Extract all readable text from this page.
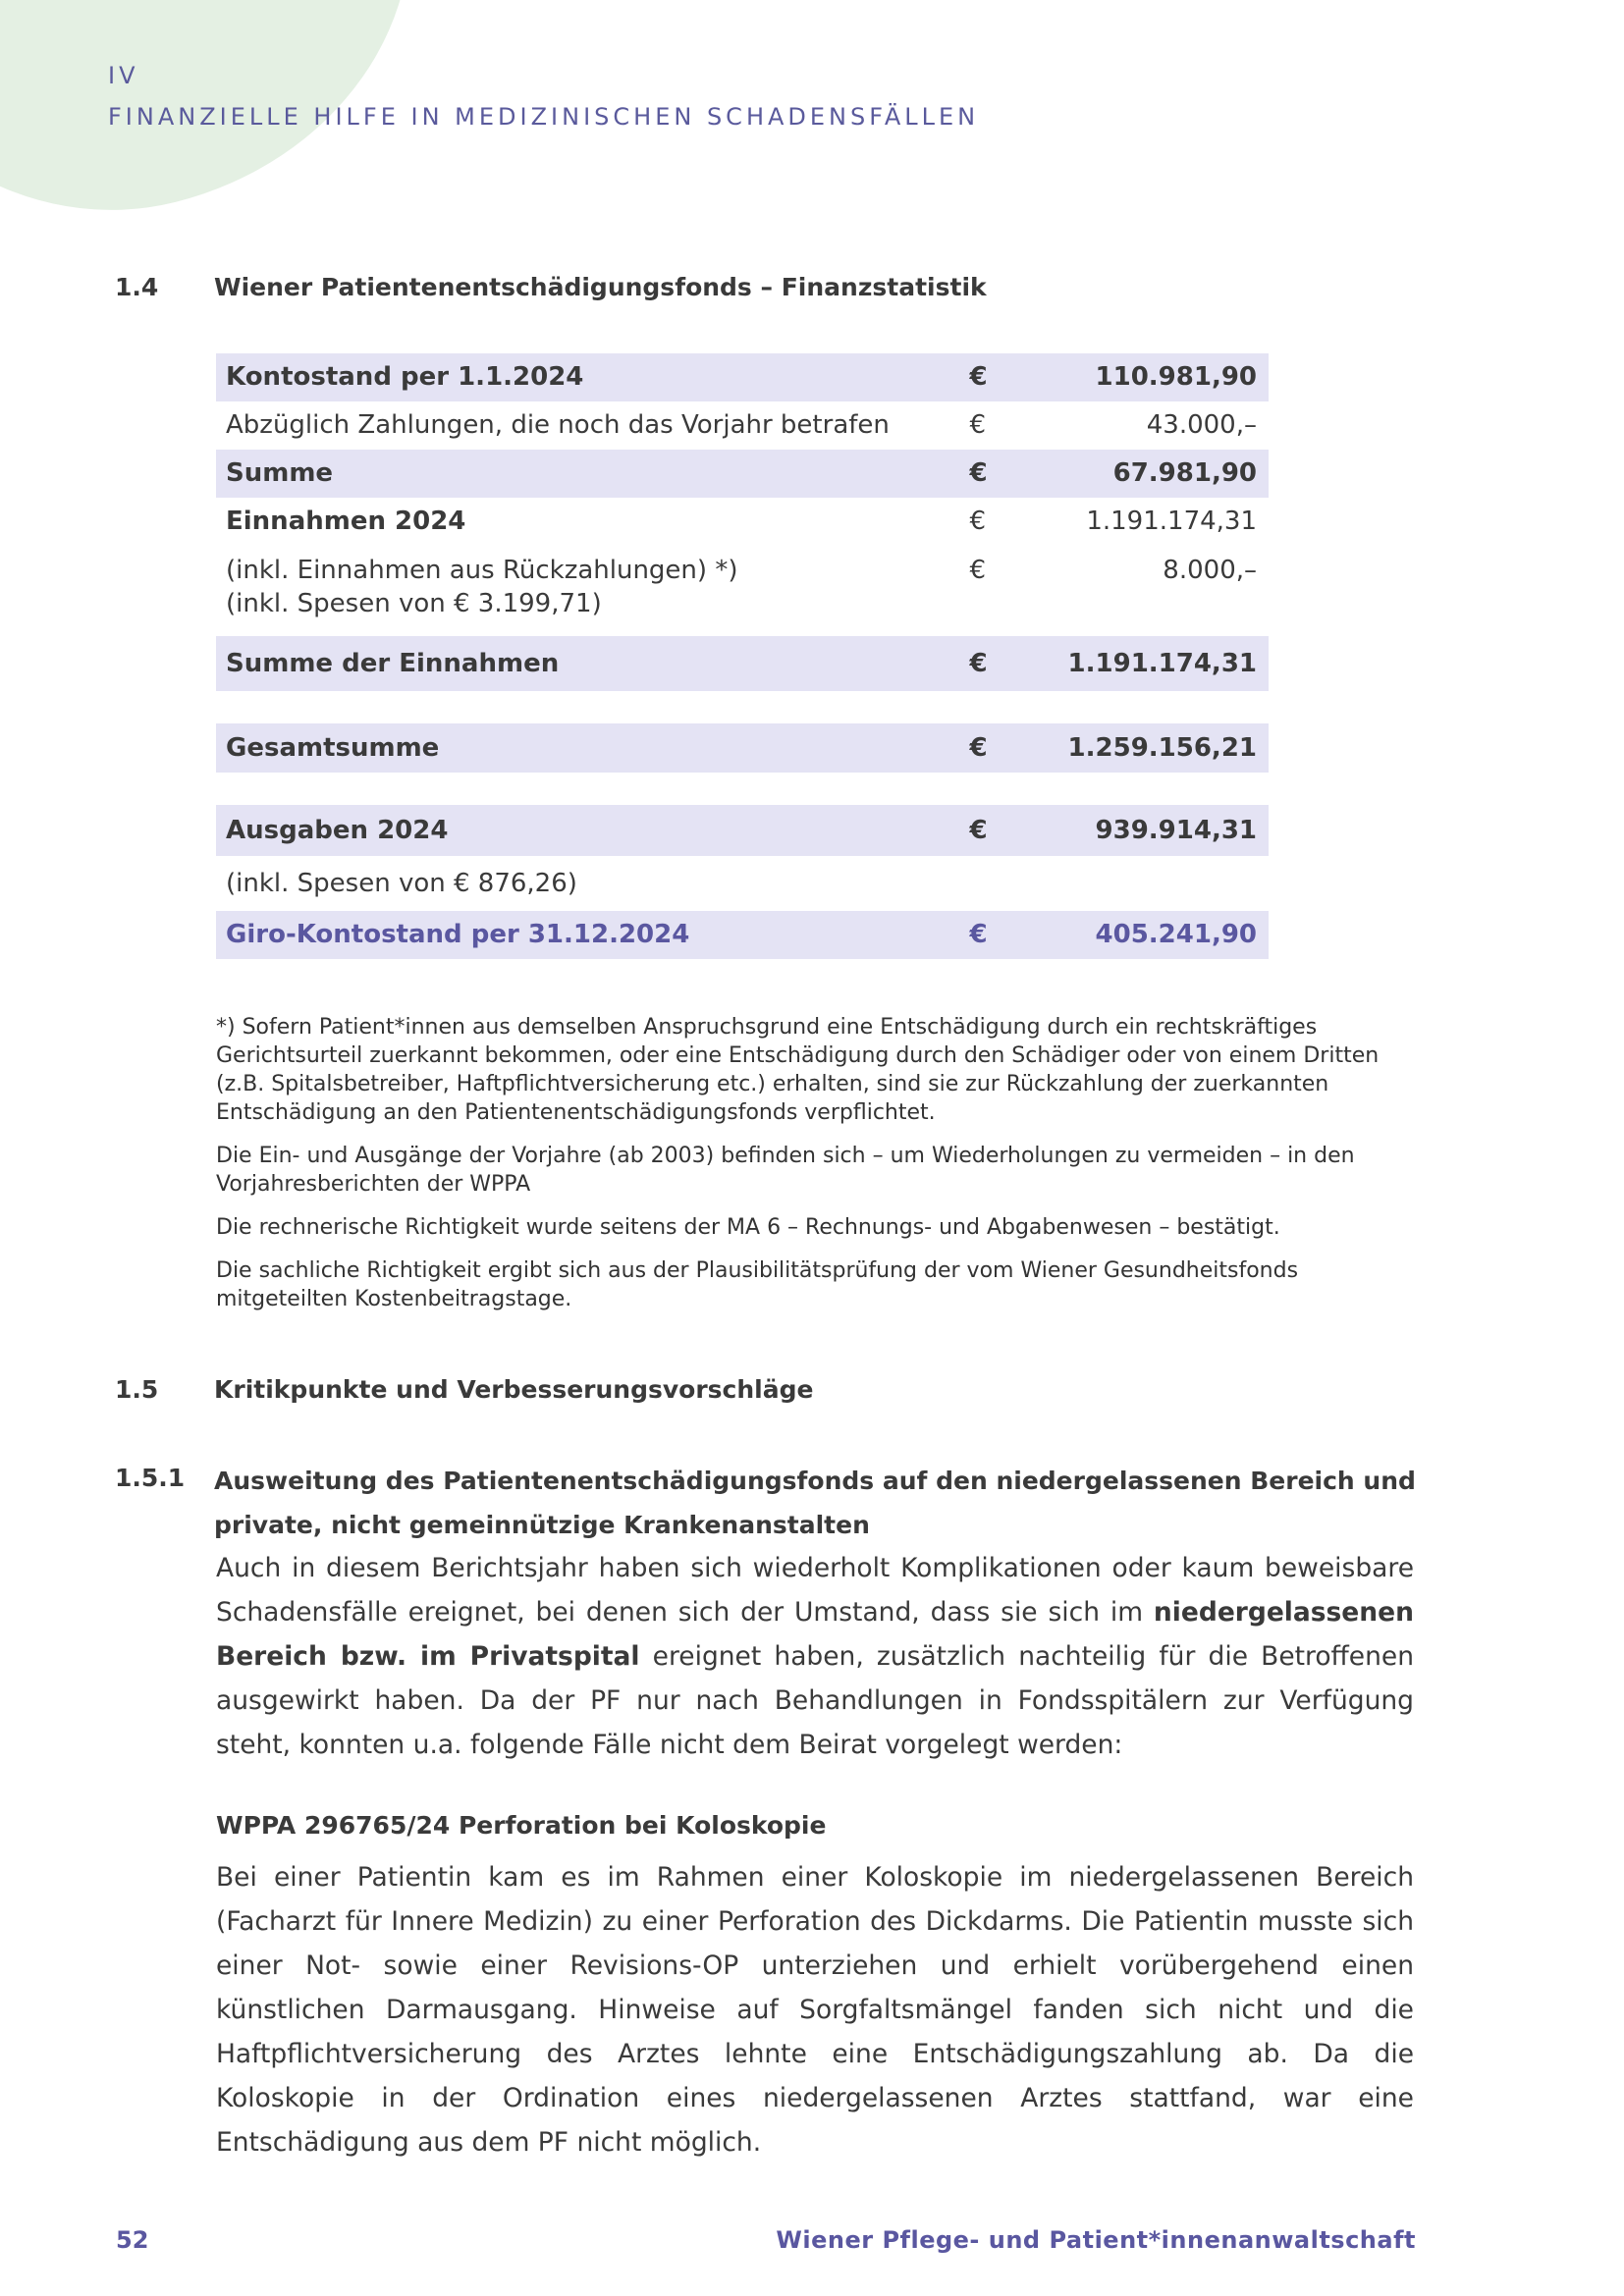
IV
FINANZIELLE HILFE IN MEDIZINISCHEN SCHADENSFÄLLEN
1.4 Wiener Patientenentschädigungsfonds – Finanzstatistik
Kontostand per 1.1.2024	€	110.981,90
Abzüglich Zahlungen, die noch das Vorjahr betrafen	€	43.000,–
Summe	€	67.981,90
Einnahmen 2024	€	1.191.174,31

(inkl. Einnahmen aus Rückzahlungen) *)
(inkl. Spesen von € 3.199,71)	€	8.000,–
Summe der Einnahmen	€	1.191.174,31

Gesamtsumme	€	1.259.156,21

Ausgaben 2024	€	939.914,31
(inkl. Spesen von € 876,26)		
Giro-Kontostand per 31.12.2024	€	405.241,90

*) Sofern Patient*innen aus demselben Anspruchsgrund eine Entschädigung durch ein rechtskräftiges Gerichtsurteil zuerkannt bekommen, oder eine Entschädigung durch den Schädiger oder von einem Dritten (z.B. Spitalsbetreiber, Haftpflichtversicherung etc.) erhalten, sind sie zur Rückzahlung der zuerkannten Entschädigung an den Patientenentschädigungsfonds verpflichtet.

Die Ein- und Ausgänge der Vorjahre (ab 2003) befinden sich – um Wiederholungen zu vermeiden – in den Vorjahresberichten der WPPA

Die rechnerische Richtigkeit wurde seitens der MA 6 – Rechnungs- und Abgabenwesen – bestätigt.

Die sachliche Richtigkeit ergibt sich aus der Plausibilitätsprüfung der vom Wiener Gesundheitsfonds mitgeteilten Kostenbeitragstage.

1.5 Kritikpunkte und Verbesserungsvorschläge
1.5.1 Ausweitung des Patientenentschädigungsfonds auf den niedergelassenen Bereich und private, nicht gemeinnützige Krankenanstalten

Auch in diesem Berichtsjahr haben sich wiederholt Komplikationen oder kaum beweisbare Schadensfälle ereignet, bei denen sich der Umstand, dass sie sich im niedergelassenen Bereich bzw. im Privatspital ereignet haben, zusätzlich nachteilig für die Betroffenen ausgewirkt haben. Da der PF nur nach Behandlungen in Fondsspitälern zur Verfügung steht, konnten u.a. folgende Fälle nicht dem Beirat vorgelegt werden:

WPPA 296765/24 Perforation bei Koloskopie

Bei einer Patientin kam es im Rahmen einer Koloskopie im niedergelassenen Bereich (Facharzt für Innere Medizin) zu einer Perforation des Dickdarms. Die Patientin musste sich einer Not- sowie einer Revisions-OP unterziehen und erhielt vorübergehend einen künstlichen Darmausgang. Hinweise auf Sorgfaltsmängel fanden sich nicht und die Haftpflichtversicherung des Arztes lehnte eine Entschädigungszahlung ab. Da die Koloskopie in der Ordination eines niedergelassenen Arztes stattfand, war eine Entschädigung aus dem PF nicht möglich.

52	Wiener Pflege- und Patient*innenanwaltschaft
